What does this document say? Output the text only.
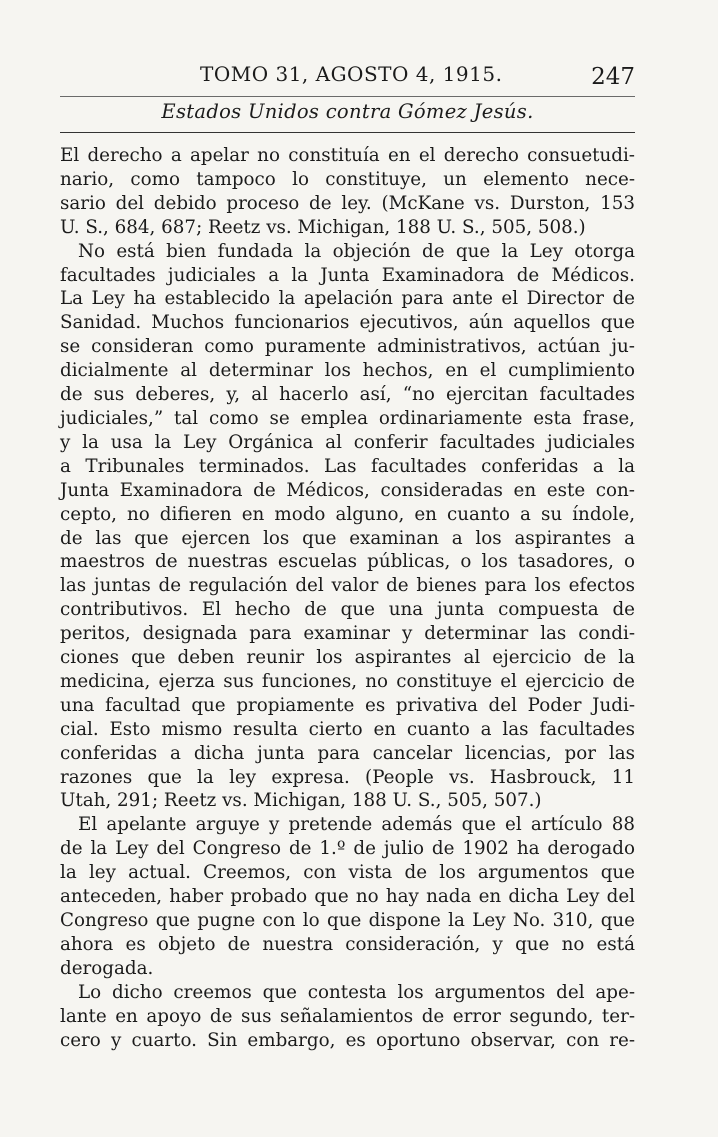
TOMO 31, AGOSTO 4, 1915.	247
Estados Unidos contra Gómez Jesús.
El derecho a apelar no constituía en el derecho consuetudi-
nario, como tampoco lo constituye, un elemento nece-
sario del debido proceso de ley. (McKane vs. Durston, 153
U. S., 684, 687; Reetz vs. Michigan, 188 U. S., 505, 508.)
No está bien fundada la objeción de que la Ley otorga
facultades judiciales a la Junta Examinadora de Médicos.
La Ley ha establecido la apelación para ante el Director de
Sanidad. Muchos funcionarios ejecutivos, aún aquellos que
se consideran como puramente administrativos, actúan ju-
dicialmente al determinar los hechos, en el cumplimiento
de sus deberes, y, al hacerlo así, “no ejercitan facultades
judiciales,” tal como se emplea ordinariamente esta frase,
y la usa la Ley Orgánica al conferir facultades judiciales
a Tribunales terminados. Las facultades conferidas a la
Junta Examinadora de Médicos, consideradas en este con-
cepto, no difieren en modo alguno, en cuanto a su índole,
de las que ejercen los que examinan a los aspirantes a
maestros de nuestras escuelas públicas, o los tasadores, o
las juntas de regulación del valor de bienes para los efectos
contributivos. El hecho de que una junta compuesta de
peritos, designada para examinar y determinar las condi-
ciones que deben reunir los aspirantes al ejercicio de la
medicina, ejerza sus funciones, no constituye el ejercicio de
una facultad que propiamente es privativa del Poder Judi-
cial. Esto mismo resulta cierto en cuanto a las facultades
conferidas a dicha junta para cancelar licencias, por las
razones que la ley expresa. (People vs. Hasbrouck, 11
Utah, 291; Reetz vs. Michigan, 188 U. S., 505, 507.)
El apelante arguye y pretende además que el artículo 88
de la Ley del Congreso de 1.º de julio de 1902 ha derogado
la ley actual. Creemos, con vista de los argumentos que
anteceden, haber probado que no hay nada en dicha Ley del
Congreso que pugne con lo que dispone la Ley No. 310, que
ahora es objeto de nuestra consideración, y que no está
derogada.
Lo dicho creemos que contesta los argumentos del ape-
lante en apoyo de sus señalamientos de error segundo, ter-
cero y cuarto. Sin embargo, es oportuno observar, con re-
